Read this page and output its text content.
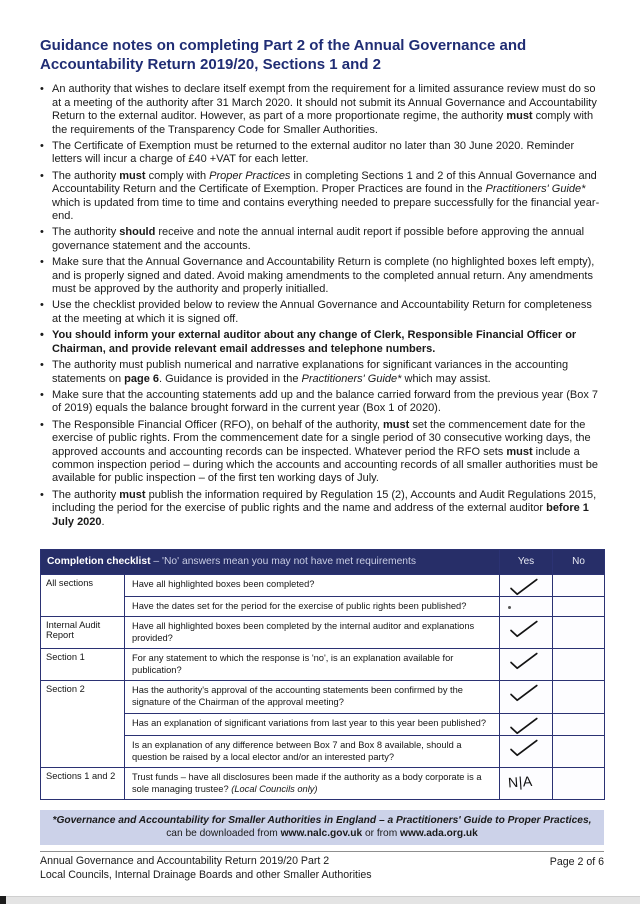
Guidance notes on completing Part 2 of the Annual Governance and Accountability Return 2019/20, Sections 1 and 2
• An authority that wishes to declare itself exempt from the requirement for a limited assurance review must do so at a meeting of the authority after 31 March 2020. It should not submit its Annual Governance and Accountability Return to the external auditor. However, as part of a more proportionate regime, the authority must comply with the requirements of the Transparency Code for Smaller Authorities.
• The Certificate of Exemption must be returned to the external auditor no later than 30 June 2020. Reminder letters will incur a charge of £40 +VAT for each letter.
• The authority must comply with Proper Practices in completing Sections 1 and 2 of this Annual Governance and Accountability Return and the Certificate of Exemption. Proper Practices are found in the Practitioners' Guide* which is updated from time to time and contains everything needed to prepare successfully for the financial year-end.
• The authority should receive and note the annual internal audit report if possible before approving the annual governance statement and the accounts.
• Make sure that the Annual Governance and Accountability Return is complete (no highlighted boxes left empty), and is properly signed and dated. Avoid making amendments to the completed annual return. Any amendments must be approved by the authority and properly initialled.
• Use the checklist provided below to review the Annual Governance and Accountability Return for completeness at the meeting at which it is signed off.
• You should inform your external auditor about any change of Clerk, Responsible Financial Officer or Chairman, and provide relevant email addresses and telephone numbers.
• The authority must publish numerical and narrative explanations for significant variances in the accounting statements on page 6. Guidance is provided in the Practitioners' Guide* which may assist.
• Make sure that the accounting statements add up and the balance carried forward from the previous year (Box 7 of 2019) equals the balance brought forward in the current year (Box 1 of 2020).
• The Responsible Financial Officer (RFO), on behalf of the authority, must set the commencement date for the exercise of public rights. From the commencement date for a single period of 30 consecutive working days, the approved accounts and accounting records can be inspected. Whatever period the RFO sets must include a common inspection period – during which the accounts and accounting records of all smaller authorities must be available for public inspection – of the first ten working days of July.
• The authority must publish the information required by Regulation 15 (2), Accounts and Audit Regulations 2015, including the period for the exercise of public rights and the name and address of the external auditor before 1 July 2020.
Completion checklist – 'No' answers mean you may not have met requirements		Yes	No
All sections	Have all highlighted boxes been completed?	

	Have the dates set for the period for the exercise of public rights been published?	

Internal Audit Report	Have all highlighted boxes been completed by the internal auditor and explanations provided?	

Section 1	For any statement to which the response is 'no', is an explanation available for publication?	

Section 2	Has the authority's approval of the accounting statements been confirmed by the signature of the Chairman of the approval meeting?	

	Has an explanation of significant variations from last year to this year been published?	

	Is an explanation of any difference between Box 7 and Box 8 available, should a question be raised by a local elector and/or an interested party?	

Sections 1 and 2	Trust funds – have all disclosures been made if the authority as a body corporate is a sole managing trustee? (Local Councils only)	N|A	

*Governance and Accountability for Smaller Authorities in England – a Practitioners' Guide to Proper Practices,
can be downloaded from www.nalc.gov.uk or from www.ada.org.uk
Annual Governance and Accountability Return 2019/20 Part 2
Local Councils, Internal Drainage Boards and other Smaller Authorities
Page 2 of 6
